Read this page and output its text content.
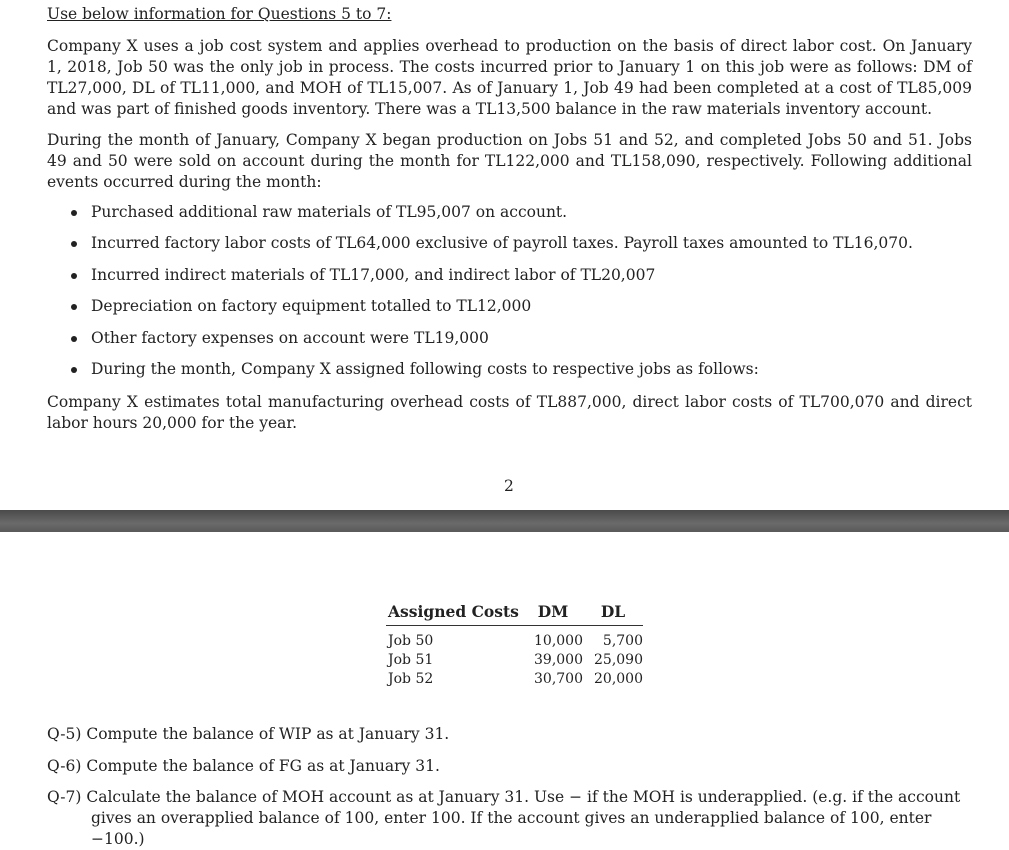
Use below information for Questions 5 to 7:
Company X uses a job cost system and applies overhead to production on the basis of direct labor cost. On January 1, 2018, Job 50 was the only job in process. The costs incurred prior to January 1 on this job were as follows: DM of TL27,000, DL of TL11,000, and MOH of TL15,007. As of January 1, Job 49 had been completed at a cost of TL85,009 and was part of finished goods inventory. There was a TL13,500 balance in the raw materials inventory account.
During the month of January, Company X began production on Jobs 51 and 52, and completed Jobs 50 and 51. Jobs 49 and 50 were sold on account during the month for TL122,000 and TL158,090, respectively. Following additional events occurred during the month:
Purchased additional raw materials of TL95,007 on account.
Incurred factory labor costs of TL64,000 exclusive of payroll taxes. Payroll taxes amounted to TL16,070.
Incurred indirect materials of TL17,000, and indirect labor of TL20,007
Depreciation on factory equipment totalled to TL12,000
Other factory expenses on account were TL19,000
During the month, Company X assigned following costs to respective jobs as follows:
Company X estimates total manufacturing overhead costs of TL887,000, direct labor costs of TL700,070 and direct labor hours 20,000 for the year.
2
Assigned Costs	DM	DL
Job 50	10,000	5,700
Job 51	39,000	25,090
Job 52	30,700	20,000
Q-5) Compute the balance of WIP as at January 31.
Q-6) Compute the balance of FG as at January 31.
Q-7) Calculate the balance of MOH account as at January 31. Use − if the MOH is underapplied. (e.g. if the account gives an overapplied balance of 100, enter 100. If the account gives an underapplied balance of 100, enter −100.)
